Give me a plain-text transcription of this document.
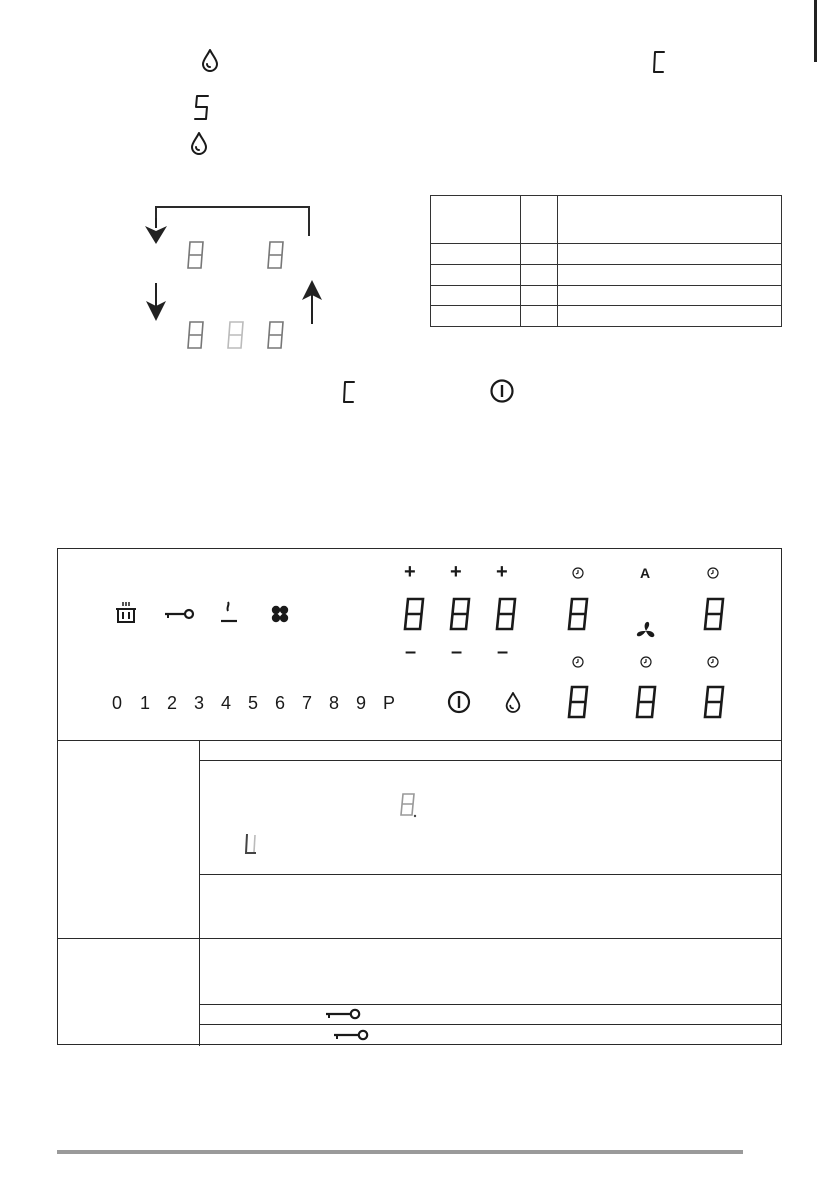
+ + +
– – –
A
0 1 2 3 4 5 6 7 8 9 P
